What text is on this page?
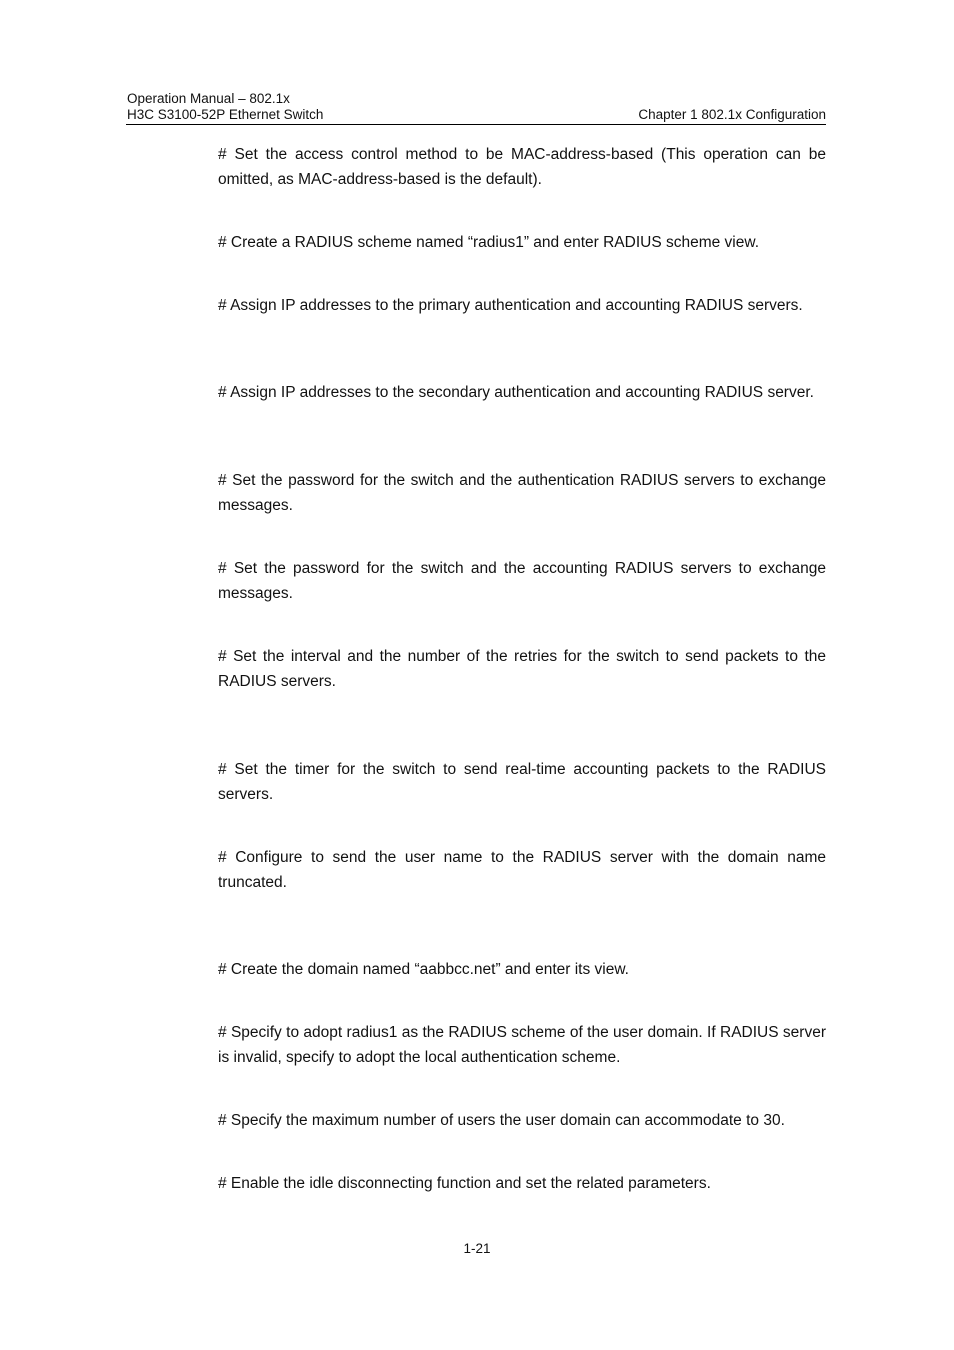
Operation Manual – 802.1x
H3C S3100-52P Ethernet Switch	Chapter 1 802.1x Configuration

# Set the access control method to be MAC-address-based (This operation can be omitted, as MAC-address-based is the default).

# Create a RADIUS scheme named “radius1” and enter RADIUS scheme view.

# Assign IP addresses to the primary authentication and accounting RADIUS servers.

# Assign IP addresses to the secondary authentication and accounting RADIUS server.

# Set the password for the switch and the authentication RADIUS servers to exchange messages.

# Set the password for the switch and the accounting RADIUS servers to exchange messages.

# Set the interval and the number of the retries for the switch to send packets to the RADIUS servers.

# Set the timer for the switch to send real-time accounting packets to the RADIUS servers.

# Configure to send the user name to the RADIUS server with the domain name truncated.

# Create the domain named “aabbcc.net” and enter its view.

# Specify to adopt radius1 as the RADIUS scheme of the user domain. If RADIUS server is invalid, specify to adopt the local authentication scheme.

# Specify the maximum number of users the user domain can accommodate to 30.

# Enable the idle disconnecting function and set the related parameters.

1-21
